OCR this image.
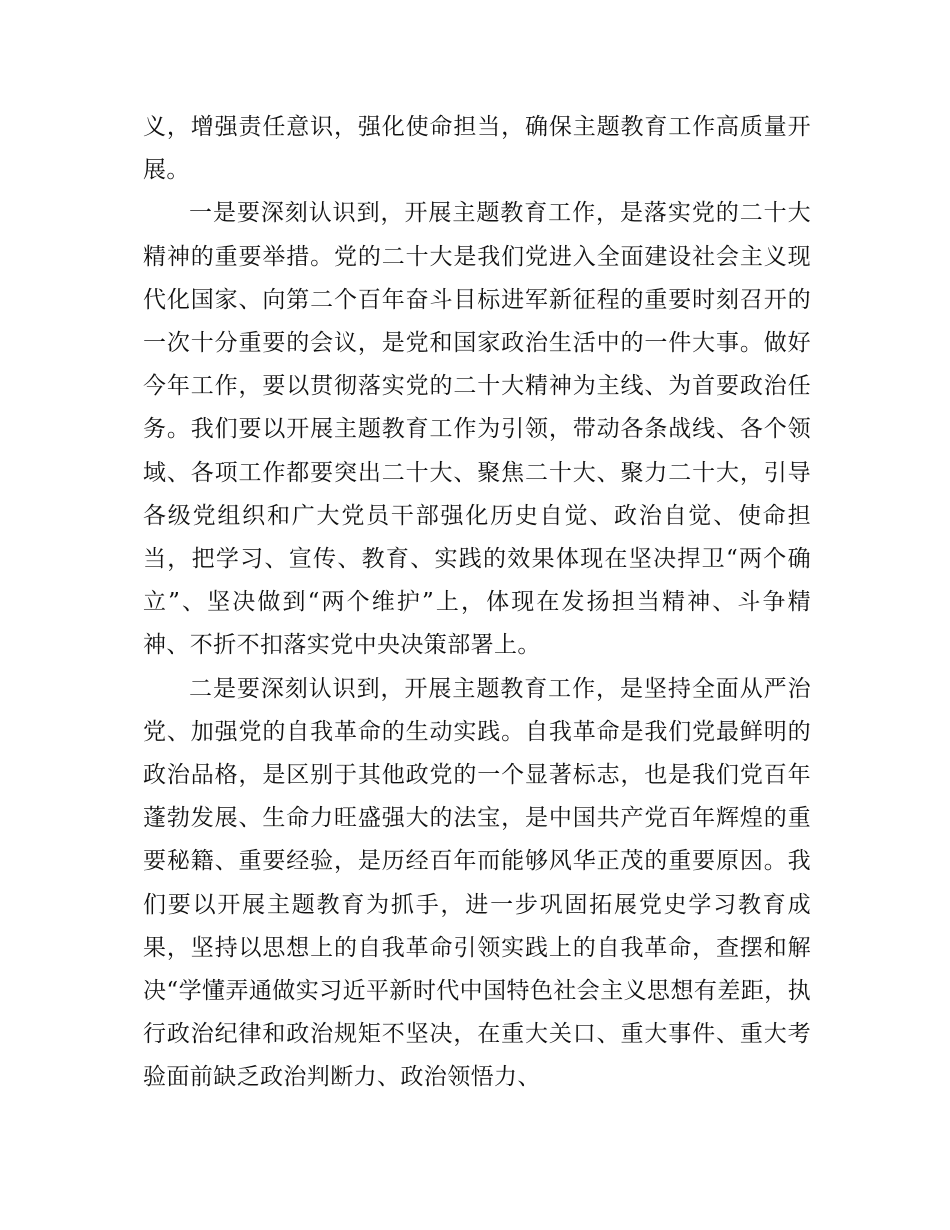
义，增强责任意识，强化使命担当，确保主题教育工作高质量开展。

一是要深刻认识到，开展主题教育工作，是落实党的二十大精神的重要举措。党的二十大是我们党进入全面建设社会主义现代化国家、向第二个百年奋斗目标进军新征程的重要时刻召开的一次十分重要的会议，是党和国家政治生活中的一件大事。做好今年工作，要以贯彻落实党的二十大精神为主线、为首要政治任务。我们要以开展主题教育工作为引领，带动各条战线、各个领域、各项工作都要突出二十大、聚焦二十大、聚力二十大，引导各级党组织和广大党员干部强化历史自觉、政治自觉、使命担当，把学习、宣传、教育、实践的效果体现在坚决捍卫“两个确立”、坚决做到“两个维护”上，体现在发扬担当精神、斗争精神、不折不扣落实党中央决策部署上。

二是要深刻认识到，开展主题教育工作，是坚持全面从严治党、加强党的自我革命的生动实践。自我革命是我们党最鲜明的政治品格，是区别于其他政党的一个显著标志，也是我们党百年蓬勃发展、生命力旺盛强大的法宝，是中国共产党百年辉煌的重要秘籍、重要经验，是历经百年而能够风华正茂的重要原因。我们要以开展主题教育为抓手，进一步巩固拓展党史学习教育成果，坚持以思想上的自我革命引领实践上的自我革命，查摆和解决“学懂弄通做实习近平新时代中国特色社会主义思想有差距，执行政治纪律和政治规矩不坚决，在重大关口、重大事件、重大考验面前缺乏政治判断力、政治领悟力、
